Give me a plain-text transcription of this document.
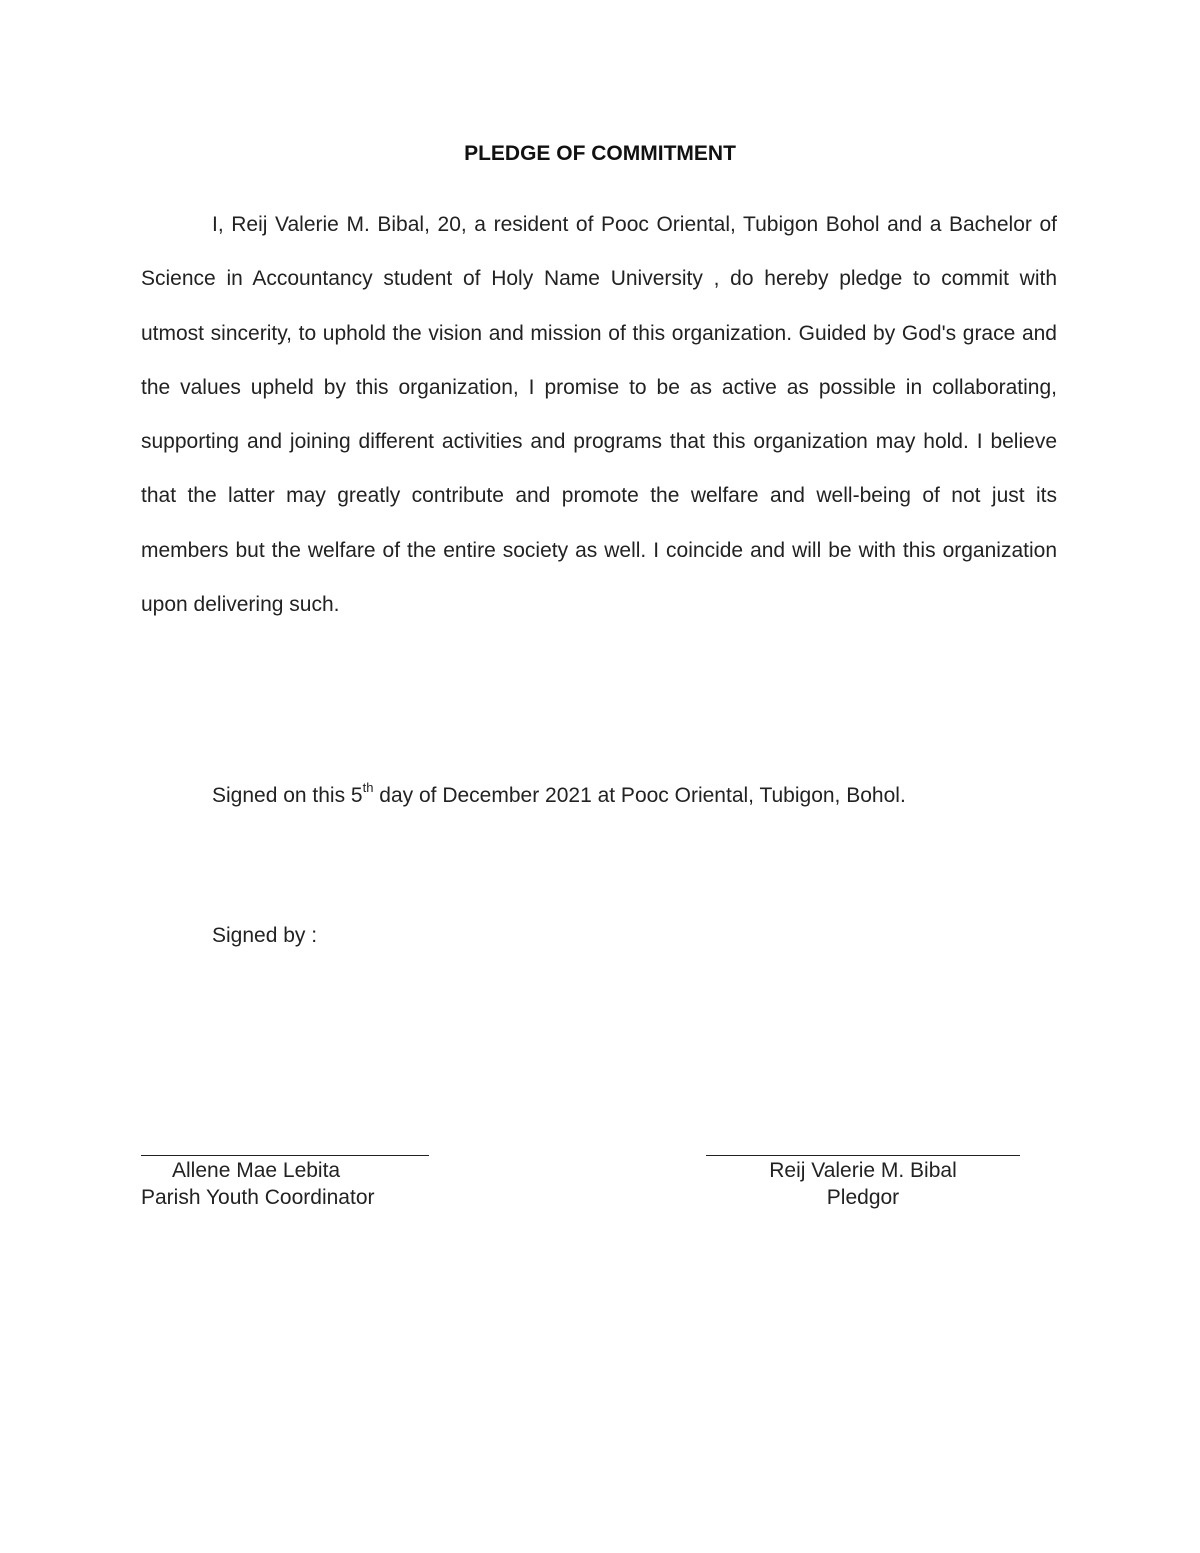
PLEDGE OF COMMITMENT

I, Reij Valerie M. Bibal, 20, a resident of Pooc Oriental, Tubigon Bohol and a Bachelor of Science in Accountancy student of Holy Name University , do hereby pledge to commit with utmost sincerity, to uphold the vision and mission of this organization. Guided by God's grace and the values upheld by this organization, I promise to be as active as possible in collaborating, supporting and joining different activities and programs that this organization may hold. I believe that the latter may greatly contribute and promote the welfare and well-being of not just its members but the welfare of the entire society as well. I coincide and will be with this organization upon delivering such.

Signed on this 5th day of December 2021 at Pooc Oriental, Tubigon, Bohol.
Signed by :
Allene Mae Lebita
Parish Youth Coordinator
Reij Valerie M. Bibal
Pledgor
